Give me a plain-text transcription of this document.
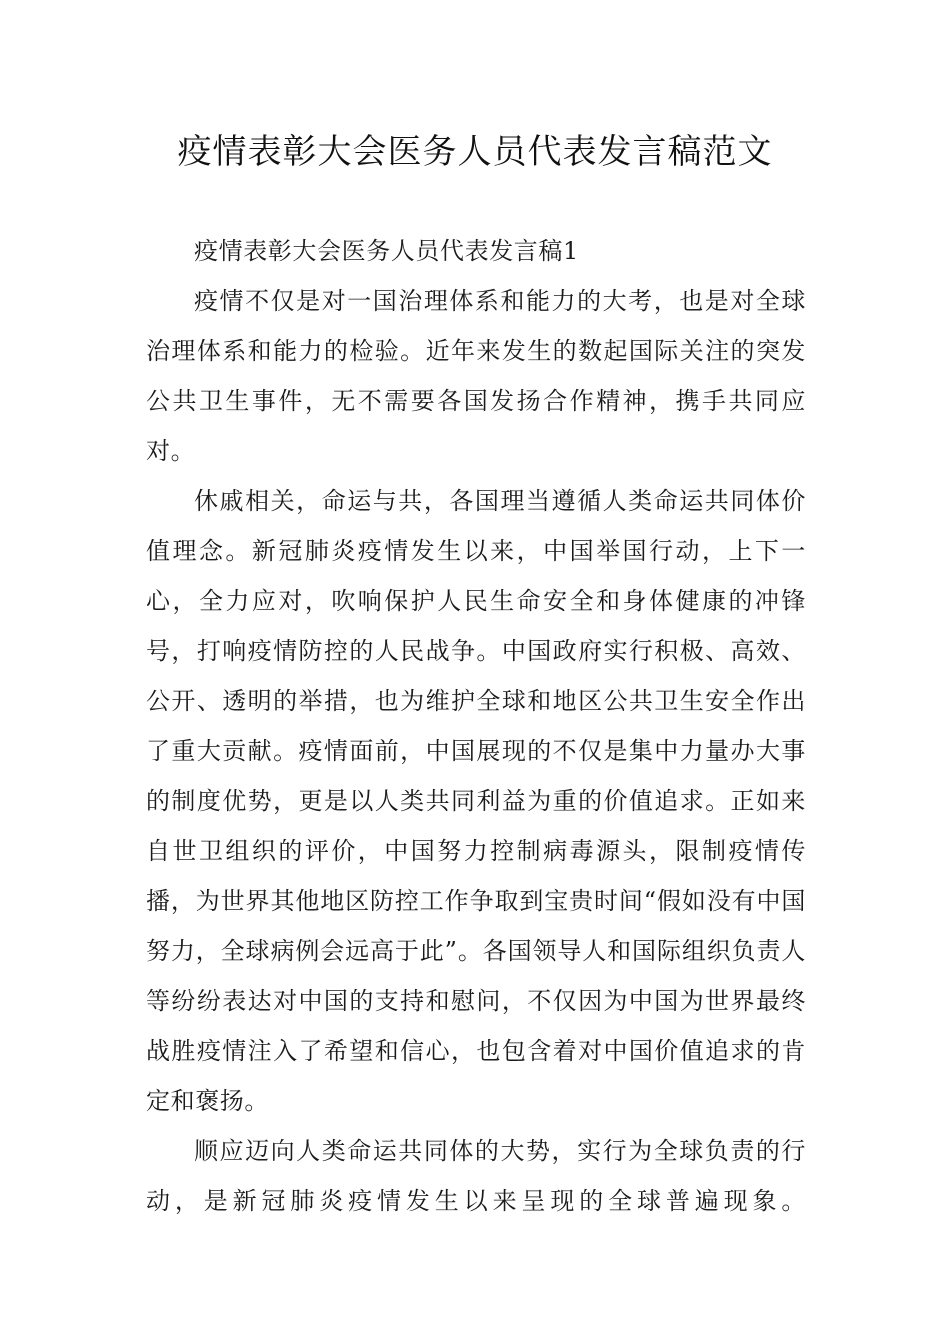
疫情表彰大会医务人员代表发言稿范文

疫情表彰大会医务人员代表发言稿1

疫情不仅是对一国治理体系和能力的大考，也是对全球治理体系和能力的检验。近年来发生的数起国际关注的突发公共卫生事件，无不需要各国发扬合作精神，携手共同应对。

休戚相关，命运与共，各国理当遵循人类命运共同体价值理念。新冠肺炎疫情发生以来，中国举国行动，上下一心，全力应对，吹响保护人民生命安全和身体健康的冲锋号，打响疫情防控的人民战争。中国政府实行积极、高效、公开、透明的举措，也为维护全球和地区公共卫生安全作出了重大贡献。疫情面前，中国展现的不仅是集中力量办大事的制度优势，更是以人类共同利益为重的价值追求。正如来自世卫组织的评价，中国努力控制病毒源头，限制疫情传播，为世界其他地区防控工作争取到宝贵时间“假如没有中国努力，全球病例会远高于此”。各国领导人和国际组织负责人等纷纷表达对中国的支持和慰问，不仅因为中国为世界最终战胜疫情注入了希望和信心，也包含着对中国价值追求的肯定和褒扬。

顺应迈向人类命运共同体的大势，实行为全球负责的行动，是新冠肺炎疫情发生以来呈现的全球普遍现象。
